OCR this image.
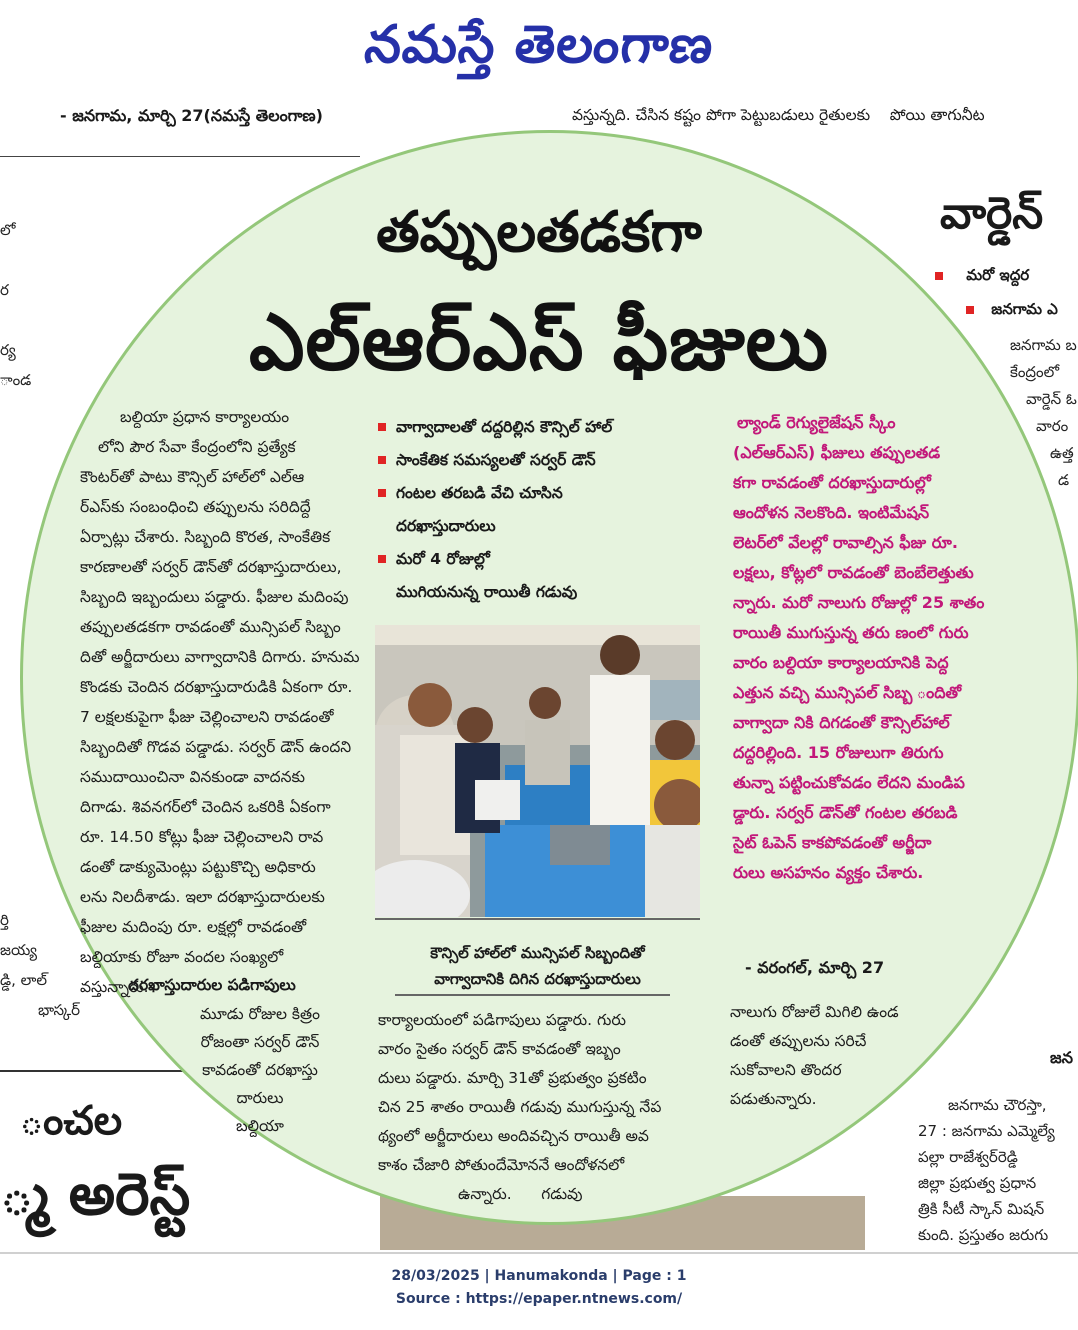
నమస్తే తెలంగాణ
- జనగామ, మార్చి 27(నమస్తే తెలంగాణ)	వస్తున్నది. చేసిన కష్టం పోగా పెట్టుబడులు రైతులకు    పోయి తాగునీట
లో
ర
ర్య
ాండ
ర్తి
జయ్య
డ్డి, లాల్
భాస్కర్
ంచల
్మ అరెస్ట్
వార్డెన్
మరో ఇద్దర
జనగామ ఎ
జనగామ బ
కేంద్రంలో
వార్డెన్ ఓ
వారం
ఉత్త
డ
జన
జనగామ చౌరస్తా,
27 : జనగామ ఎమ్మెల్యే
పల్లా రాజేశ్వర్‌రెడ్డి
జిల్లా ప్రభుత్వ ప్రధాన
త్రికి సీటీ స్కాన్ మిషన్
కుంది. ప్రస్తుతం జరుగు
తప్పులతడకగా
ఎల్‌ఆర్‌ఎస్ ఫీజులు

బల్దియా ప్రధాన కార్యాలయం

లోని పౌర సేవా కేంద్రంలోని ప్రత్యేక

కౌంటర్‌తో పాటు కౌన్సిల్ హాల్‌లో ఎల్‌ఆ

ర్‌ఎస్‌కు సంబంధించి తప్పులను సరిదిద్దే

ఏర్పాట్లు చేశారు. సిబ్బంది కొరత, సాంకేతిక

కారణాలతో సర్వర్ డౌన్‌తో దరఖాస్తుదారులు,

సిబ్బంది ఇబ్బందులు పడ్డారు. ఫీజుల మదింపు

తప్పులతడకగా రావడంతో మున్సిపల్ సిబ్బం

దితో అర్జీదారులు వాగ్వాదానికి దిగారు. హనుమ

కొండకు చెందిన దరఖాస్తుదారుడికి ఏకంగా రూ.

7 లక్షలకుపైగా ఫీజు చెల్లించాలని రావడంతో

సిబ్బందితో గొడవ పడ్డాడు. సర్వర్ డౌన్ ఉందని

సముదాయించినా వినకుండా వాదనకు

దిగాడు. శివనగర్‌లో చెందిన ఒకరికి ఏకంగా

రూ. 14.50 కోట్లు ఫీజు చెల్లించాలని రావ

డంతో డాక్యుమెంట్లు పట్టుకొచ్చి అధికారు

లను నిలదీశాడు. ఇలా దరఖాస్తుదారులకు

ఫీజుల మదింపు రూ. లక్షల్లో రావడంతో

బల్దియాకు రోజూ వందల సంఖ్యలో

వస్తున్నారు.

దరఖాస్తుదారుల పడిగాపులు

మూడు రోజుల కిత్రం

రోజంతా సర్వర్ డౌన్

కావడంతో దరఖాస్తు

దారులు

బల్దియా

వాగ్వాదాలతో దద్దరిల్లిన కౌన్సిల్ హాల్
సాంకేతిక సమస్యలతో సర్వర్ డౌన్
గంటల తరబడి వేచి చూసిన
దరఖాస్తుదారులు
మరో 4 రోజుల్లో
ముగియనున్న రాయితీ గడువు
కౌన్సిల్ హాల్‌లో మున్సిపల్ సిబ్బందితో
వాగ్వాదానికి దిగిన దరఖాస్తుదారులు
ల్యాండ్ రెగ్యులైజేషన్ స్కీం
(ఎల్‌ఆర్‌ఎస్) ఫీజులు తప్పులతడ
కగా రావడంతో దరఖాస్తుదారుల్లో
ఆందోళన నెలకొంది. ఇంటిమేషన్
లెటర్‌లో వేలల్లో రావాల్సిన ఫీజు రూ.
లక్షలు, కోట్లలో రావడంతో బెంబేలెత్తుతు
న్నారు. మరో నాలుగు రోజుల్లో 25 శాతం
రాయితీ ముగుస్తున్న తరు ణంలో గురు
వారం బల్దియా కార్యాలయానికి పెద్ద
ఎత్తున వచ్చి మున్సిపల్ సిబ్బ ందితో
వాగ్వాదా నికి దిగడంతో కౌన్సిల్‌హాల్
దద్దరిల్లింది. 15 రోజులుగా తిరుగు
తున్నా పట్టించుకోవడం లేదని మండిప
డ్డారు. సర్వర్ డౌన్‌తో గంటల తరబడి
సైట్ ఓపెన్ కాకపోవడంతో అర్జీదా
రులు అసహనం వ్యక్తం చేశారు.
- వరంగల్, మార్చి 27

కార్యాలయంలో పడిగాపులు పడ్డారు. గురు

వారం సైతం సర్వర్ డౌన్ కావడంతో ఇబ్బం

దులు పడ్డారు. మార్చి 31తో ప్రభుత్వం ప్రకటిం

చిన 25 శాతం రాయితీ గడువు ముగుస్తున్న నేప

థ్యంలో అర్జీదారులు అందివచ్చిన రాయితీ అవ

కాశం చేజారి పోతుందేమోననే ఆందోళనలో

ఉన్నారు.      గడువు

నాలుగు రోజులే మిగిలి ఉండ

డంతో తప్పులను సరిచే

సుకోవాలని తొందర

పడుతున్నారు.

28/03/2025 | Hanumakonda | Page : 1
Source : https://epaper.ntnews.com/
